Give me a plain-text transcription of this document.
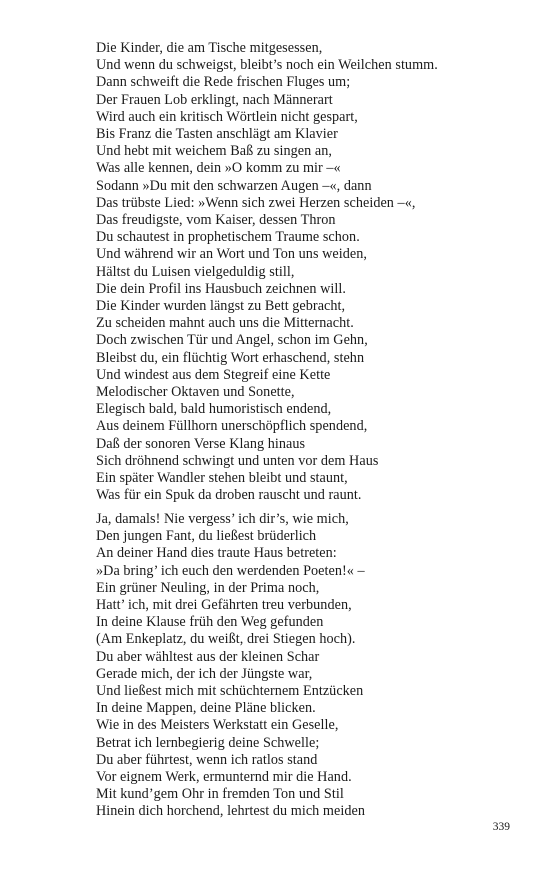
Die Kinder, die am Tische mitgesessen,
Und wenn du schweigst, bleibt’s noch ein Weilchen stumm.
Dann schweift die Rede frischen Fluges um;
Der Frauen Lob erklingt, nach Männerart
Wird auch ein kritisch Wörtlein nicht gespart,
Bis Franz die Tasten anschlägt am Klavier
Und hebt mit weichem Baß zu singen an,
Was alle kennen, dein »O komm zu mir –«
Sodann »Du mit den schwarzen Augen –«, dann
Das trübste Lied: »Wenn sich zwei Herzen scheiden –«,
Das freudigste, vom Kaiser, dessen Thron
Du schautest in prophetischem Traume schon.
Und während wir an Wort und Ton uns weiden,
Hältst du Luisen vielgeduldig still,
Die dein Profil ins Hausbuch zeichnen will.
Die Kinder wurden längst zu Bett gebracht,
Zu scheiden mahnt auch uns die Mitternacht.
Doch zwischen Tür und Angel, schon im Gehn,
Bleibst du, ein flüchtig Wort erhaschend, stehn
Und windest aus dem Stegreif eine Kette
Melodischer Oktaven und Sonette,
Elegisch bald, bald humoristisch endend,
Aus deinem Füllhorn unerschöpflich spendend,
Daß der sonoren Verse Klang hinaus
Sich dröhnend schwingt und unten vor dem Haus
Ein später Wandler stehen bleibt und staunt,
Was für ein Spuk da droben rauscht und raunt.
Ja, damals! Nie vergess’ ich dir’s, wie mich,
Den jungen Fant, du ließest brüderlich
An deiner Hand dies traute Haus betreten:
»Da bring’ ich euch den werdenden Poeten!« –
Ein grüner Neuling, in der Prima noch,
Hatt’ ich, mit drei Gefährten treu verbunden,
In deine Klause früh den Weg gefunden
(Am Enkeplatz, du weißt, drei Stiegen hoch).
Du aber wähltest aus der kleinen Schar
Gerade mich, der ich der Jüngste war,
Und ließest mich mit schüchternem Entzücken
In deine Mappen, deine Pläne blicken.
Wie in des Meisters Werkstatt ein Geselle,
Betrat ich lernbegierig deine Schwelle;
Du aber führtest, wenn ich ratlos stand
Vor eignem Werk, ermunternd mir die Hand.
Mit kund’gem Ohr in fremden Ton und Stil
Hinein dich horchend, lehrtest du mich meiden
339
